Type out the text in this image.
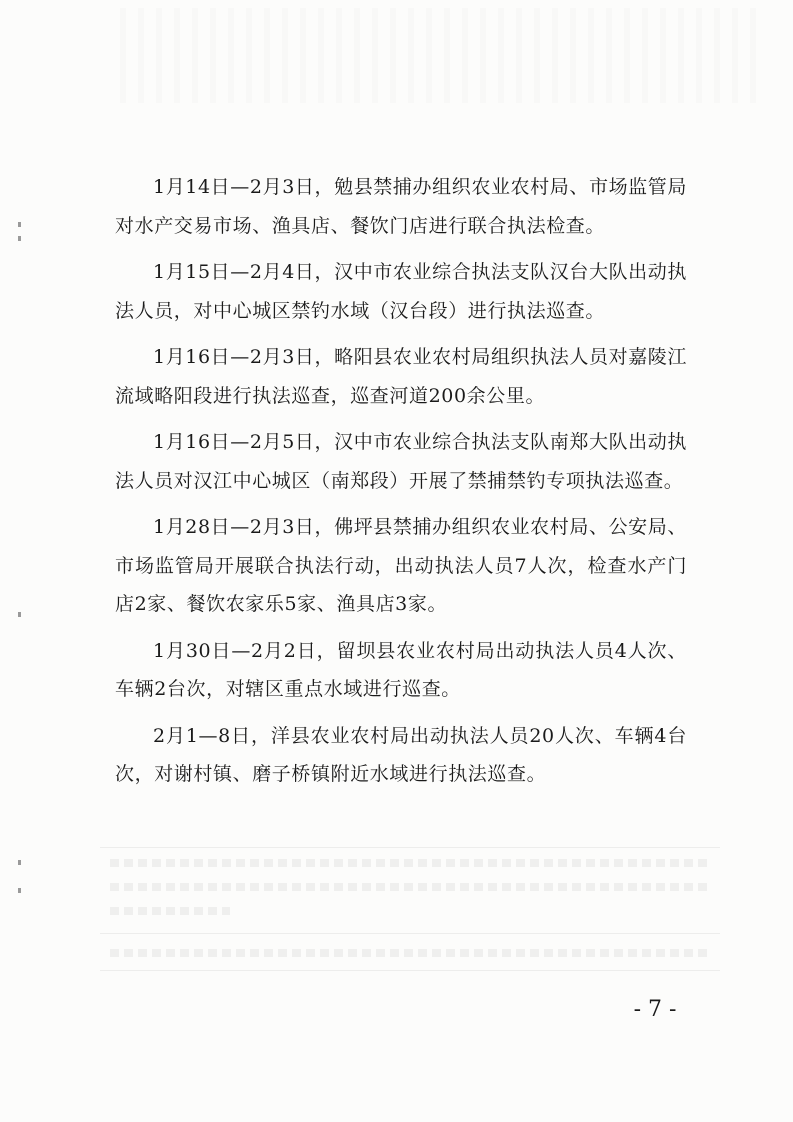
1月14日—2月3日，勉县禁捕办组织农业农村局、市场监管局对水产交易市场、渔具店、餐饮门店进行联合执法检查。

1月15日—2月4日，汉中市农业综合执法支队汉台大队出动执法人员，对中心城区禁钓水域（汉台段）进行执法巡查。

1月16日—2月3日，略阳县农业农村局组织执法人员对嘉陵江流域略阳段进行执法巡查，巡查河道200余公里。

1月16日—2月5日，汉中市农业综合执法支队南郑大队出动执法人员对汉江中心城区（南郑段）开展了禁捕禁钓专项执法巡查。

1月28日—2月3日，佛坪县禁捕办组织农业农村局、公安局、市场监管局开展联合执法行动，出动执法人员7人次，检查水产门店2家、餐饮农家乐5家、渔具店3家。

1月30日—2月2日，留坝县农业农村局出动执法人员4人次、车辆2台次，对辖区重点水域进行巡查。

2月1—8日，洋县农业农村局出动执法人员20人次、车辆4台次，对谢村镇、磨子桥镇附近水域进行执法巡查。

- 7 -
